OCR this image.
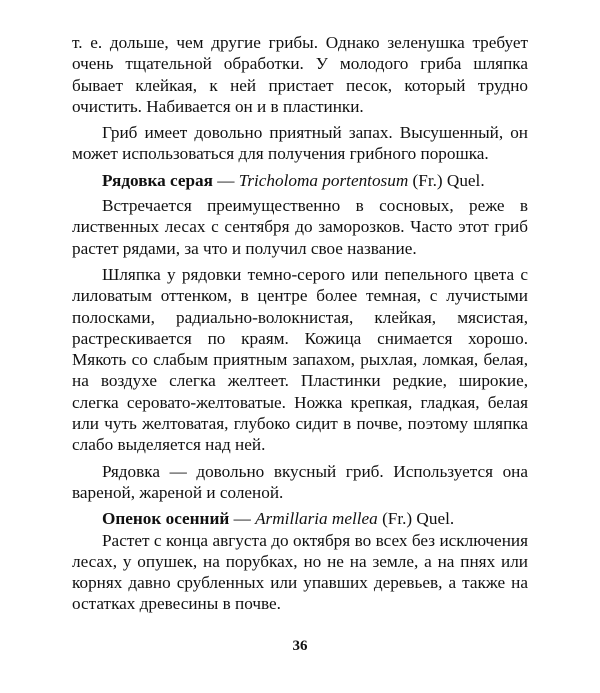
т. е. дольше, чем другие грибы. Однако зеленушка требует очень тщательной обработки. У молодого гриба шляпка бывает клейкая, к ней пристает песок, который трудно очистить. Набивается он и в пластинки.

Гриб имеет довольно приятный запах. Высушенный, он может использоваться для получения грибного порошка.

Рядовка серая — Tricholoma portentosum (Fr.) Quel.

Встречается преимущественно в сосновых, реже в лиственных лесах с сентября до заморозков. Часто этот гриб растет рядами, за что и получил свое название.

Шляпка у рядовки темно-серого или пепельного цвета с лиловатым оттенком, в центре более темная, с лучистыми полосками, радиально-волокнистая, клейкая, мясистая, растрескивается по краям. Кожица снимается хорошо. Мякоть со слабым приятным запахом, рыхлая, ломкая, белая, на воздухе слегка желтеет. Пластинки редкие, широкие, слегка серовато-желтоватые. Ножка крепкая, гладкая, белая или чуть желтоватая, глубоко сидит в почве, поэтому шляпка слабо выделяется над ней.

Рядовка — довольно вкусный гриб. Используется она вареной, жареной и соленой.

Опенок осенний — Armillaria mellea (Fr.) Quel.

Растет с конца августа до октября во всех без исключения лесах, у опушек, на порубках, но не на земле, а на пнях или корнях давно срубленных или упавших деревьев, а также на остатках древесины в почве.

36
